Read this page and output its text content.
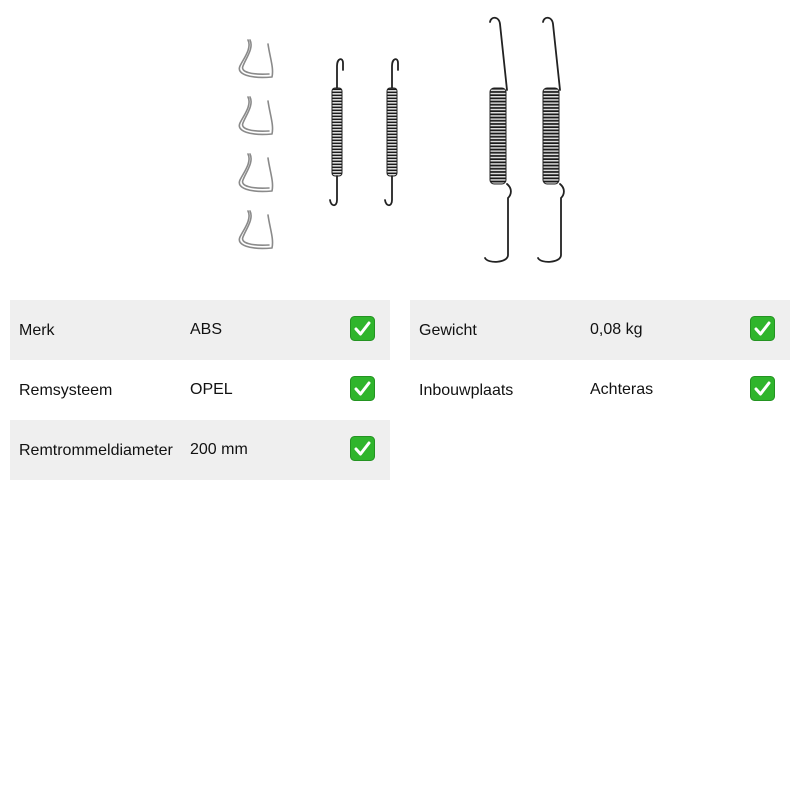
Merk	ABS
Remsysteem	OPEL
Remtrommeldiameter 200 mm
Gewicht	0,08 kg
Inbouwplaats	Achteras
